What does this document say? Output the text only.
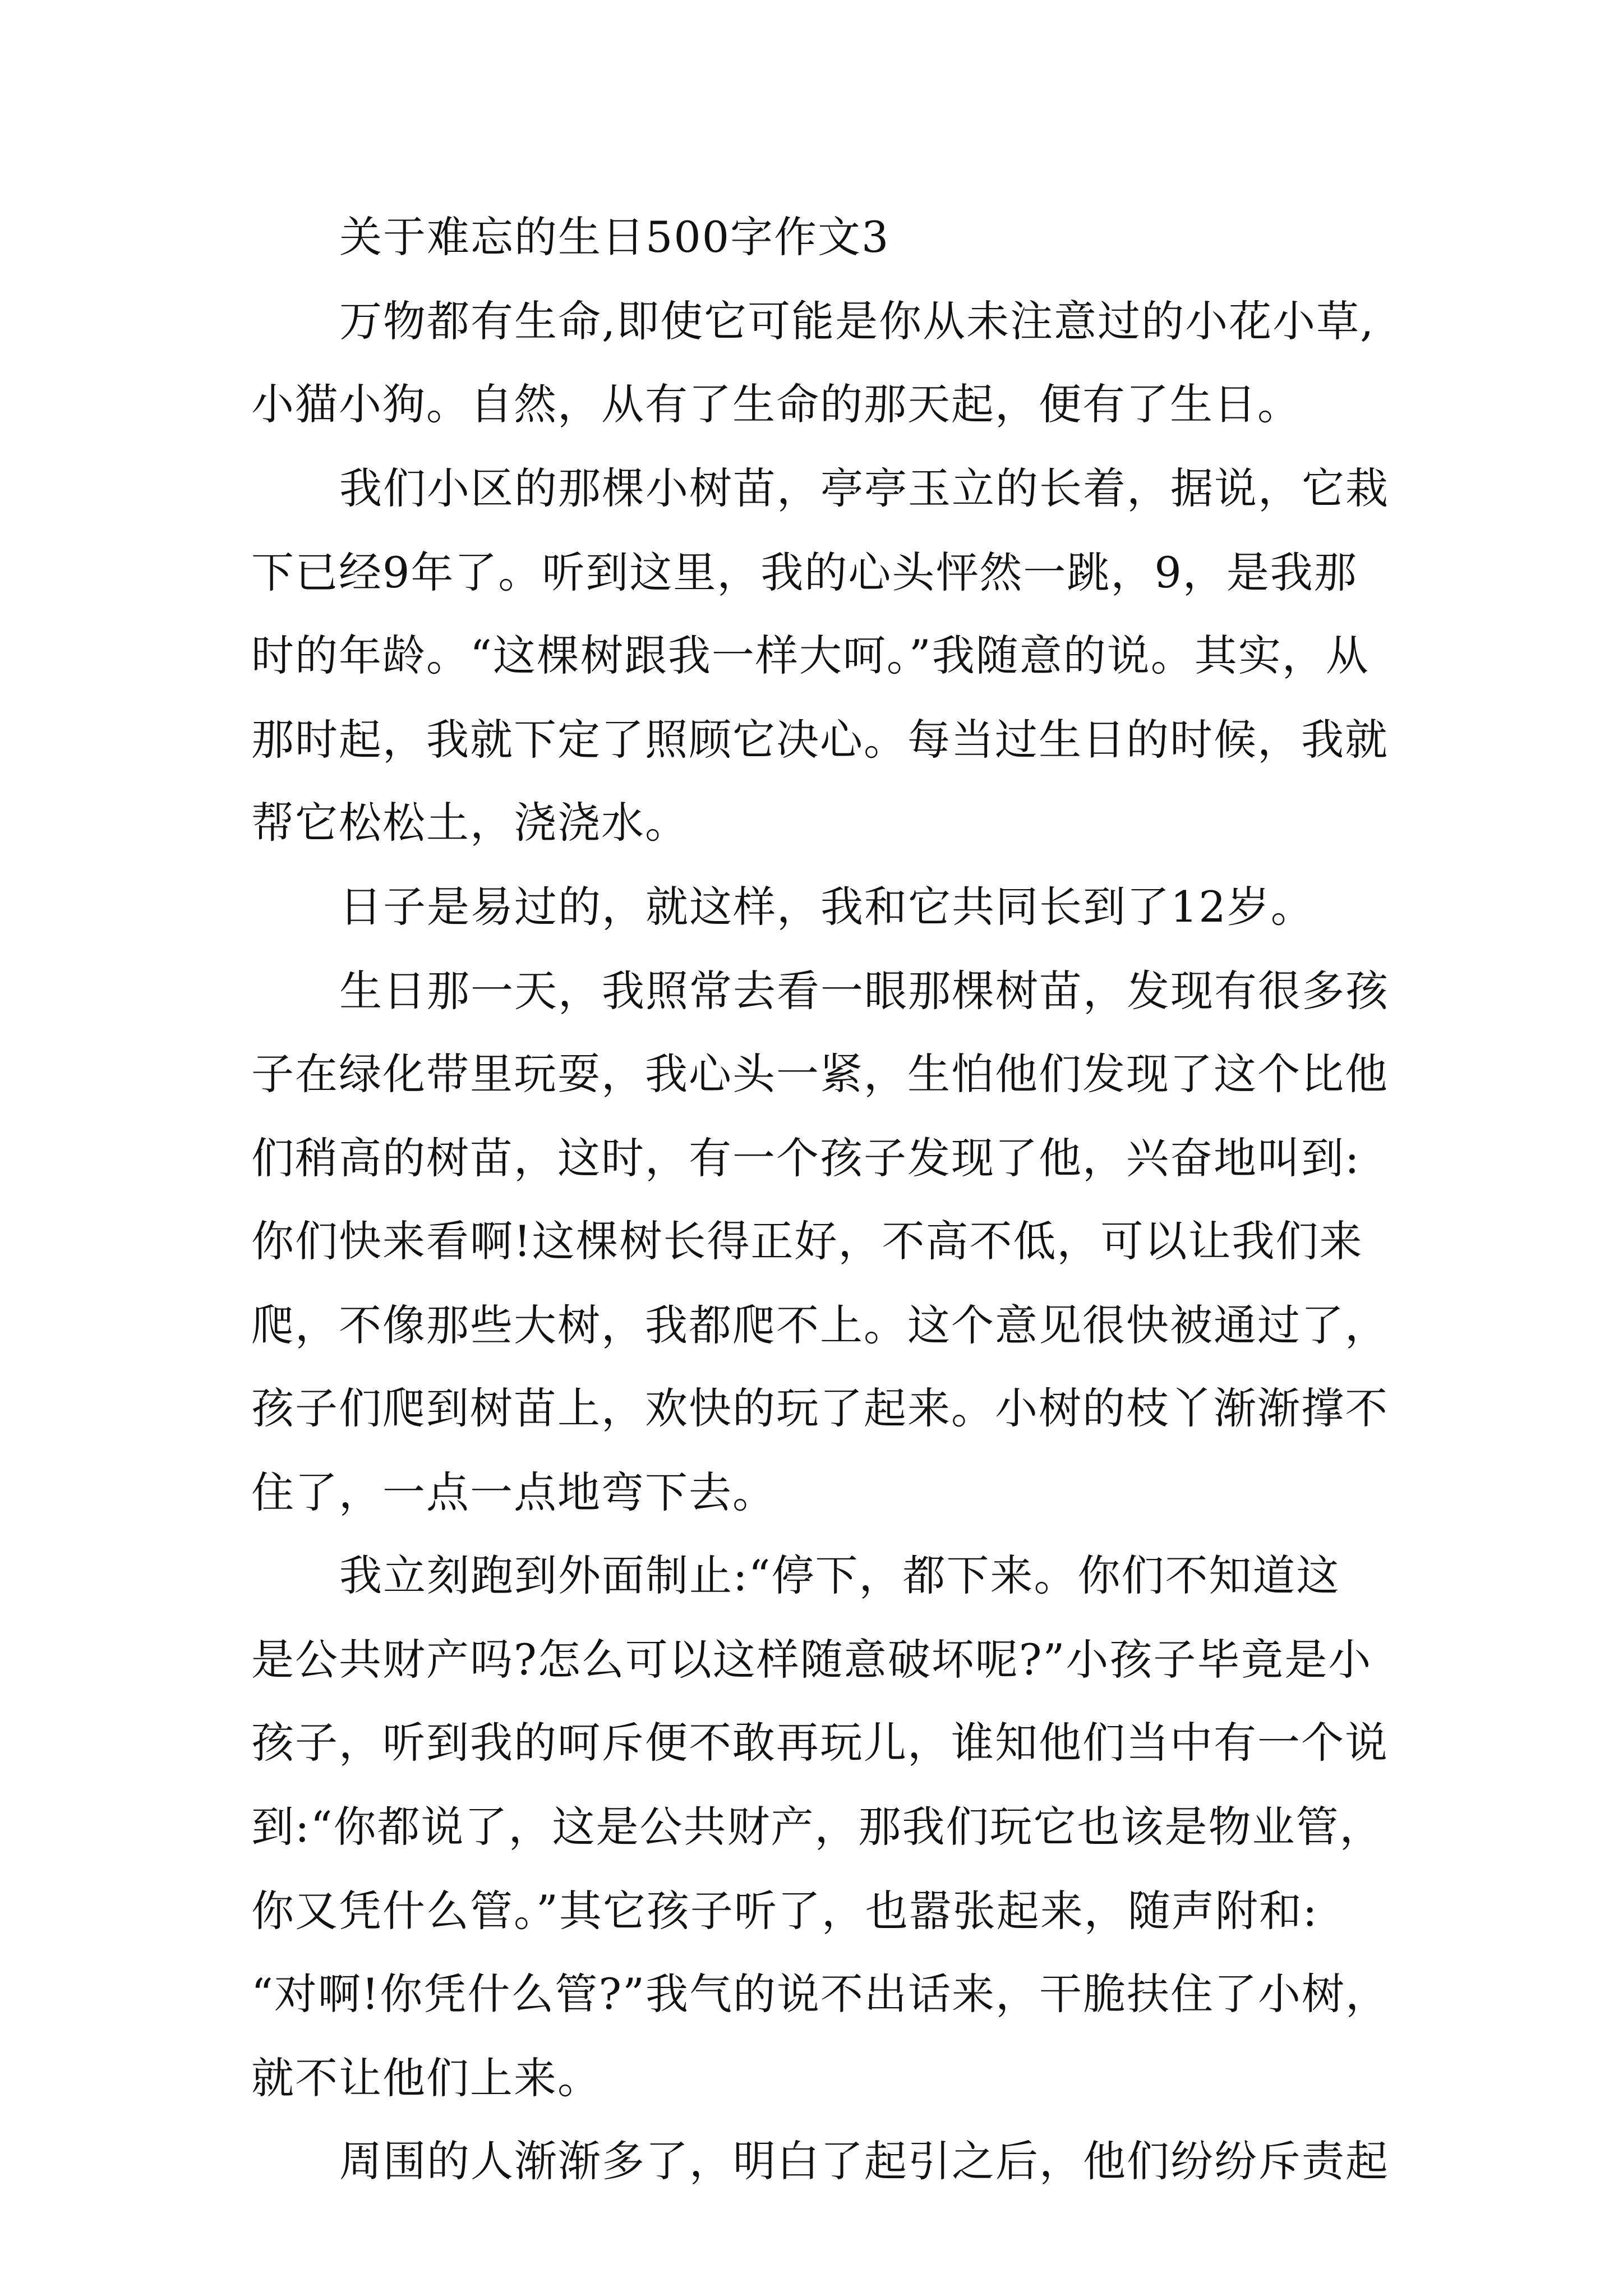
关于难忘的生日500字作文3
万物都有生命,即使它可能是你从未注意过的小花小草,
小猫小狗。自然，从有了生命的那天起，便有了生日。
我们小区的那棵小树苗，亭亭玉立的长着，据说，它栽
下已经9年了。听到这里，我的心头怦然一跳，9，是我那
时的年龄。“这棵树跟我一样大呵。”我随意的说。其实，从
那时起，我就下定了照顾它决心。每当过生日的时候，我就
帮它松松土，浇浇水。
日子是易过的，就这样，我和它共同长到了12岁。
生日那一天，我照常去看一眼那棵树苗，发现有很多孩
子在绿化带里玩耍，我心头一紧，生怕他们发现了这个比他
们稍高的树苗，这时，有一个孩子发现了他，兴奋地叫到:
你们快来看啊!这棵树长得正好，不高不低，可以让我们来
爬，不像那些大树，我都爬不上。这个意见很快被通过了，
孩子们爬到树苗上，欢快的玩了起来。小树的枝丫渐渐撑不
住了，一点一点地弯下去。
我立刻跑到外面制止:“停下，都下来。你们不知道这
是公共财产吗?怎么可以这样随意破坏呢?”小孩子毕竟是小
孩子，听到我的呵斥便不敢再玩儿，谁知他们当中有一个说
到:“你都说了，这是公共财产，那我们玩它也该是物业管，
你又凭什么管。”其它孩子听了，也嚣张起来，随声附和:
“对啊!你凭什么管?”我气的说不出话来，干脆扶住了小树，
就不让他们上来。
周围的人渐渐多了，明白了起引之后，他们纷纷斥责起
